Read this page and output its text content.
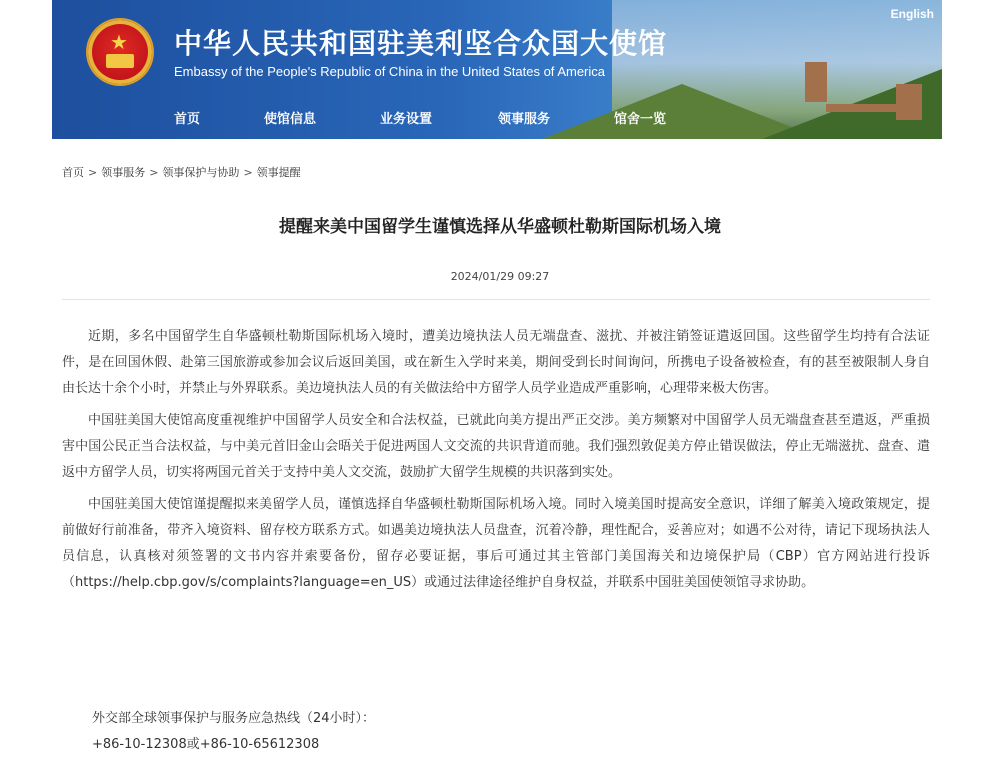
★ 中华人民共和国驻美利坚合众国大使馆
Embassy of the People's Republic of China in the United States of America
English
首页	使馆信息	业务设置	领事服务	馆舍一览
首页 > 领事服务 > 领事保护与协助 > 领事提醒
提醒来美中国留学生谨慎选择从华盛顿杜勒斯国际机场入境
2024/01/29 09:27

近期，多名中国留学生自华盛顿杜勒斯国际机场入境时，遭美边境执法人员无端盘查、滋扰、并被注销签证遣返回国。这些留学生均持有合法证件，是在回国休假、赴第三国旅游或参加会议后返回美国，或在新生入学时来美，期间受到长时间询问，所携电子设备被检查，有的甚至被限制人身自由长达十余个小时，并禁止与外界联系。美边境执法人员的有关做法给中方留学人员学业造成严重影响，心理带来极大伤害。

中国驻美国大使馆高度重视维护中国留学人员安全和合法权益，已就此向美方提出严正交涉。美方频繁对中国留学人员无端盘查甚至遣返，严重损害中国公民正当合法权益，与中美元首旧金山会晤关于促进两国人文交流的共识背道而驰。我们强烈敦促美方停止错误做法，停止无端滋扰、盘查、遣返中方留学人员，切实将两国元首关于支持中美人文交流，鼓励扩大留学生规模的共识落到实处。

中国驻美国大使馆谨提醒拟来美留学人员，谨慎选择自华盛顿杜勒斯国际机场入境。同时入境美国时提高安全意识，详细了解美入境政策规定，提前做好行前准备，带齐入境资料、留存校方联系方式。如遇美边境执法人员盘查，沉着冷静，理性配合，妥善应对；如遇不公对待，请记下现场执法人员信息，认真核对须签署的文书内容并索要备份，留存必要证据，事后可通过其主管部门美国海关和边境保护局（CBP）官方网站进行投诉（https://help.cbp.gov/s/complaints?language=en_US）或通过法律途径维护自身权益，并联系中国驻美国使领馆寻求协助。

外交部全球领事保护与服务应急热线（24小时）：
+86-10-12308或+86-10-65612308
